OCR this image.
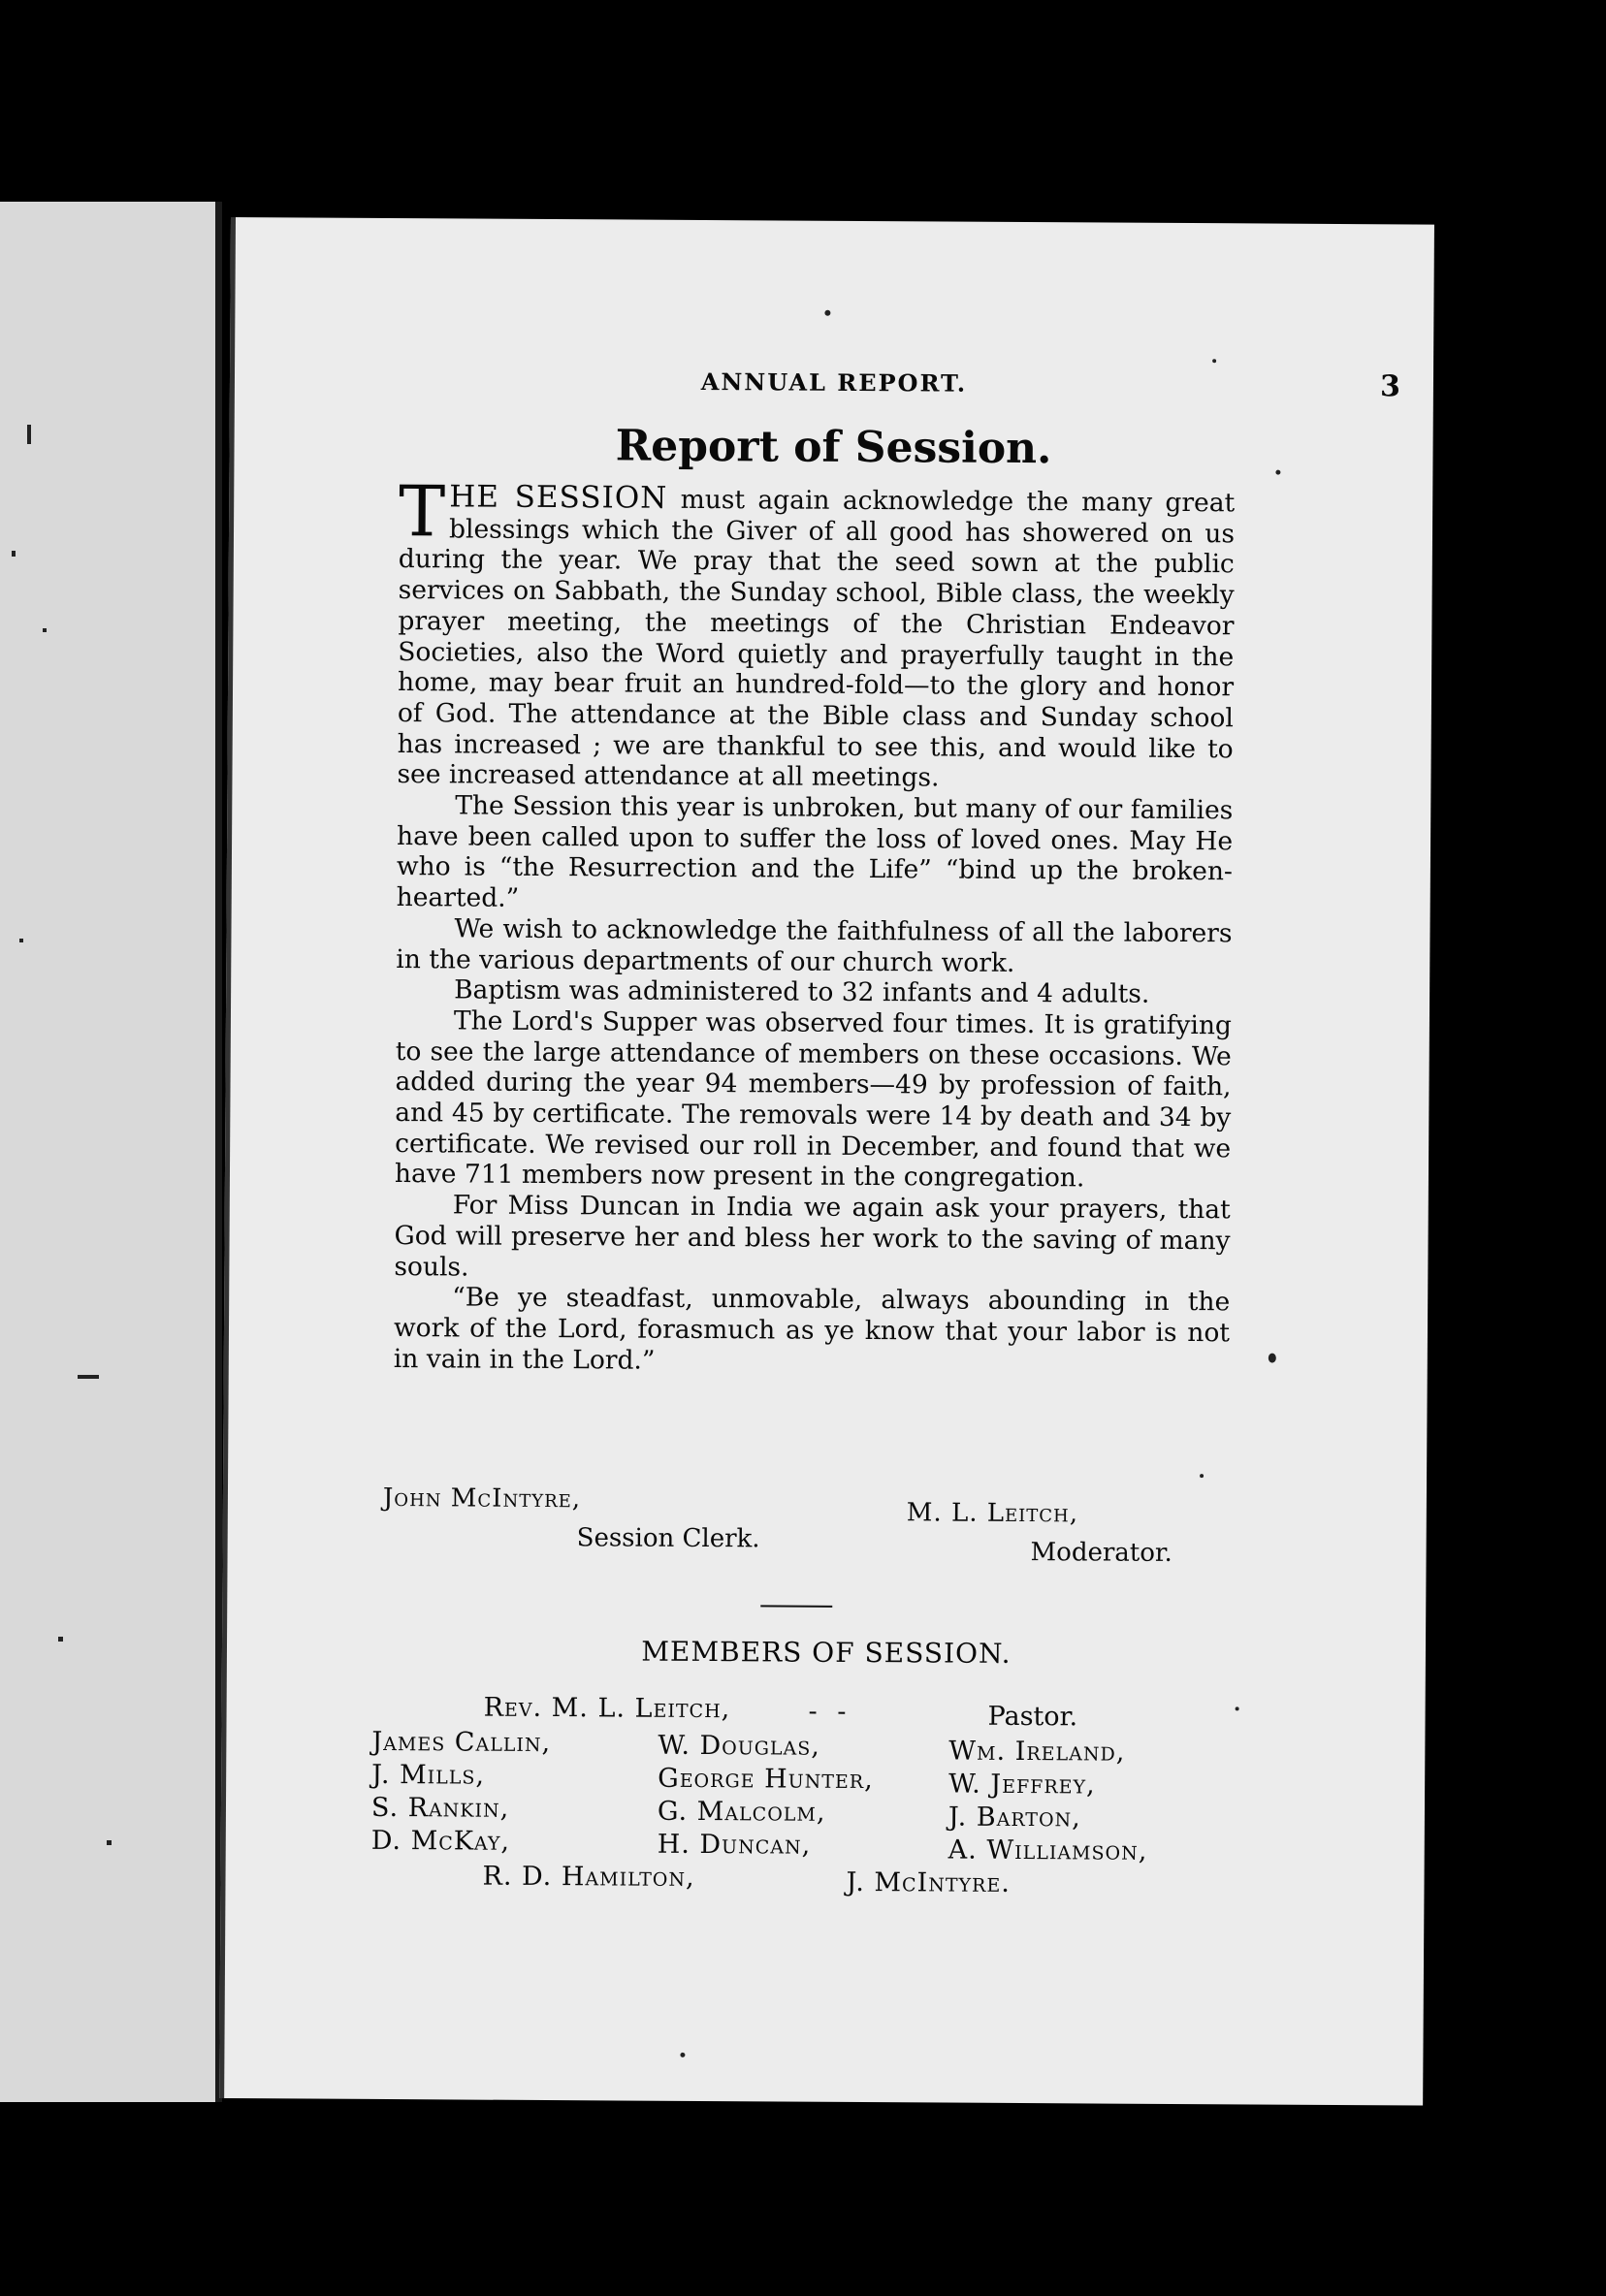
ANNUAL REPORT.	3
Report of Session.

THE SESSION must again acknowledge the many great blessings which the Giver of all good has showered on us during the year. We pray that the seed sown at the public services on Sabbath, the Sunday school, Bible class, the weekly prayer meeting, the meetings of the Christian Endeavor Societies, also the Word quietly and prayerfully taught in the home, may bear fruit an hundred-fold—to the glory and honor of God. The attendance at the Bible class and Sunday school has increased ; we are thankful to see this, and would like to see increased attendance at all meetings.

The Session this year is unbroken, but many of our families have been called upon to suffer the loss of loved ones. May He who is “the Resurrection and the Life” “bind up the broken-hearted.”

We wish to acknowledge the faithfulness of all the laborers in the various departments of our church work.

Baptism was administered to 32 infants and 4 adults.

The Lord's Supper was observed four times. It is gratifying to see the large attendance of members on these occasions. We added during the year 94 members—49 by profession of faith, and 45 by certificate. The removals were 14 by death and 34 by certificate. We revised our roll in December, and found that we have 711 members now present in the congregation.

For Miss Duncan in India we again ask your prayers, that God will preserve her and bless her work to the saving of many souls.

“Be ye steadfast, unmovable, always abounding in the work of the Lord, forasmuch as ye know that your labor is not in vain in the Lord.”

John McIntyre,
Session Clerk.
M. L. Leitch,
Moderator.
MEMBERS OF SESSION.
Rev. M. L. Leitch,	- -	Pastor.
James Callin,	W. Douglas,	Wm. Ireland,
J. Mills,	George Hunter,	W. Jeffrey,
S. Rankin,	G. Malcolm,	J. Barton,
D. McKay,	H. Duncan,	A. Williamson,
R. D. Hamilton,	J. McIntyre.
